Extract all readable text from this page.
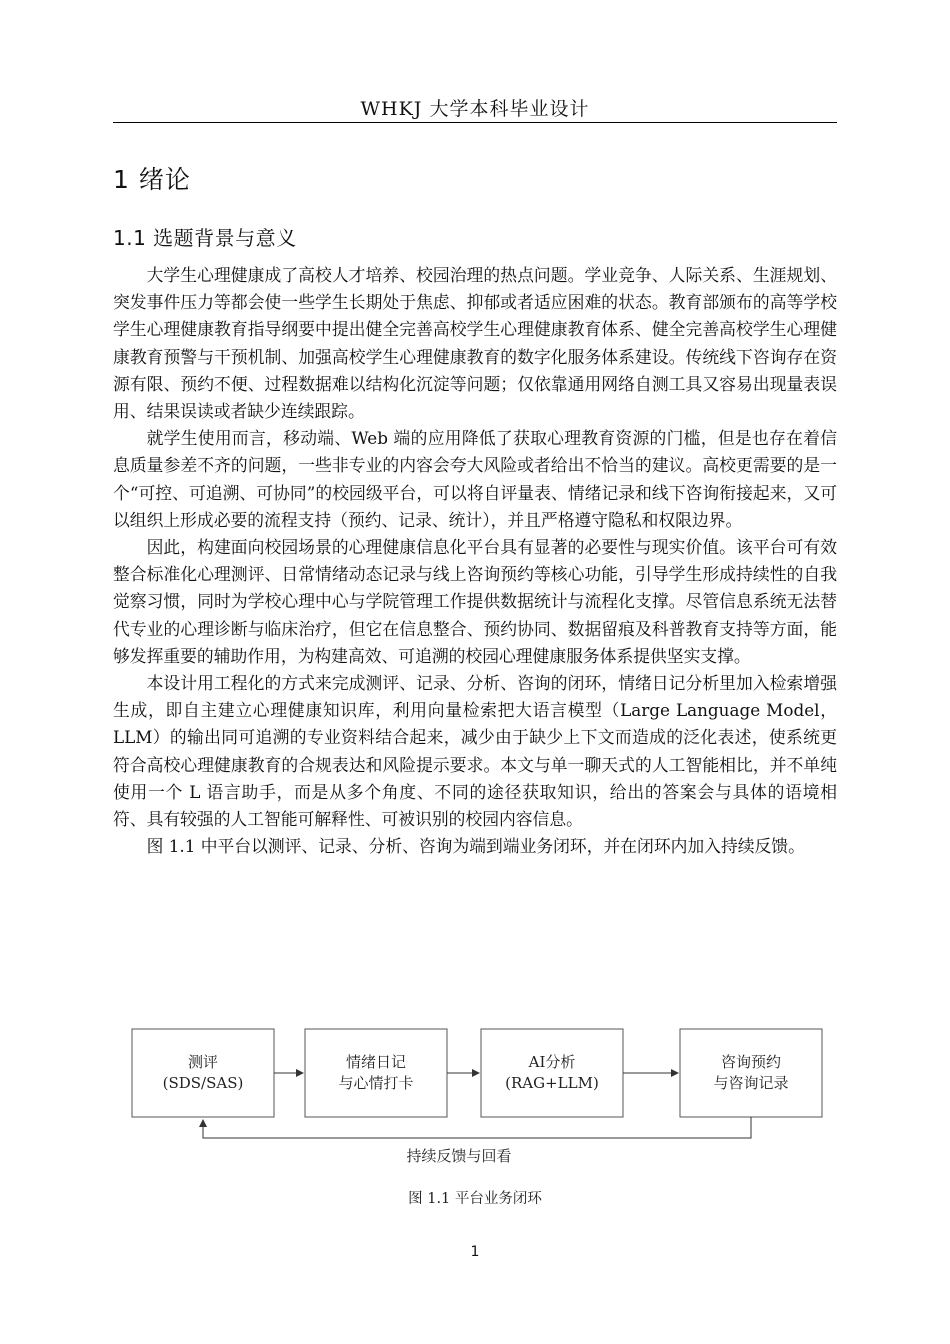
WHKJ 大学本科毕业设计
1 绪论
1.1 选题背景与意义

大学生心理健康成了高校人才培养、校园治理的热点问题。学业竞争、人际关系、生涯规划、突发事件压力等都会使一些学生长期处于焦虑、抑郁或者适应困难的状态。教育部颁布的高等学校学生心理健康教育指导纲要中提出健全完善高校学生心理健康教育体系、健全完善高校学生心理健康教育预警与干预机制、加强高校学生心理健康教育的数字化服务体系建设。传统线下咨询存在资源有限、预约不便、过程数据难以结构化沉淀等问题；仅依靠通用网络自测工具又容易出现量表误用、结果误读或者缺少连续跟踪。

就学生使用而言，移动端、Web 端的应用降低了获取心理教育资源的门槛，但是也存在着信息质量参差不齐的问题，一些非专业的内容会夸大风险或者给出不恰当的建议。高校更需要的是一个“可控、可追溯、可协同”的校园级平台，可以将自评量表、情绪记录和线下咨询衔接起来，又可以组织上形成必要的流程支持（预约、记录、统计），并且严格遵守隐私和权限边界。

因此，构建面向校园场景的心理健康信息化平台具有显著的必要性与现实价值。该平台可有效整合标准化心理测评、日常情绪动态记录与线上咨询预约等核心功能，引导学生形成持续性的自我觉察习惯，同时为学校心理中心与学院管理工作提供数据统计与流程化支撑。尽管信息系统无法替代专业的心理诊断与临床治疗，但它在信息整合、预约协同、数据留痕及科普教育支持等方面，能够发挥重要的辅助作用，为构建高效、可追溯的校园心理健康服务体系提供坚实支撑。

本设计用工程化的方式来完成测评、记录、分析、咨询的闭环，情绪日记分析里加入检索增强生成，即自主建立心理健康知识库，利用向量检索把大语言模型（Large Language Model，LLM）的输出同可追溯的专业资料结合起来，减少由于缺少上下文而造成的泛化表述，使系统更符合高校心理健康教育的合规表达和风险提示要求。本文与单一聊天式的人工智能相比，并不单纯使用一个 L 语言助手，而是从多个角度、不同的途径获取知识，给出的答案会与具体的语境相符、具有较强的人工智能可解释性、可被识别的校园内容信息。

图 1.1 中平台以测评、记录、分析、咨询为端到端业务闭环，并在闭环内加入持续反馈。

测评
(SDS/SAS)
情绪日记
与心情打卡
AI分析
(RAG+LLM)
咨询预约
与咨询记录
持续反馈与回看
图 1.1 平台业务闭环
1
